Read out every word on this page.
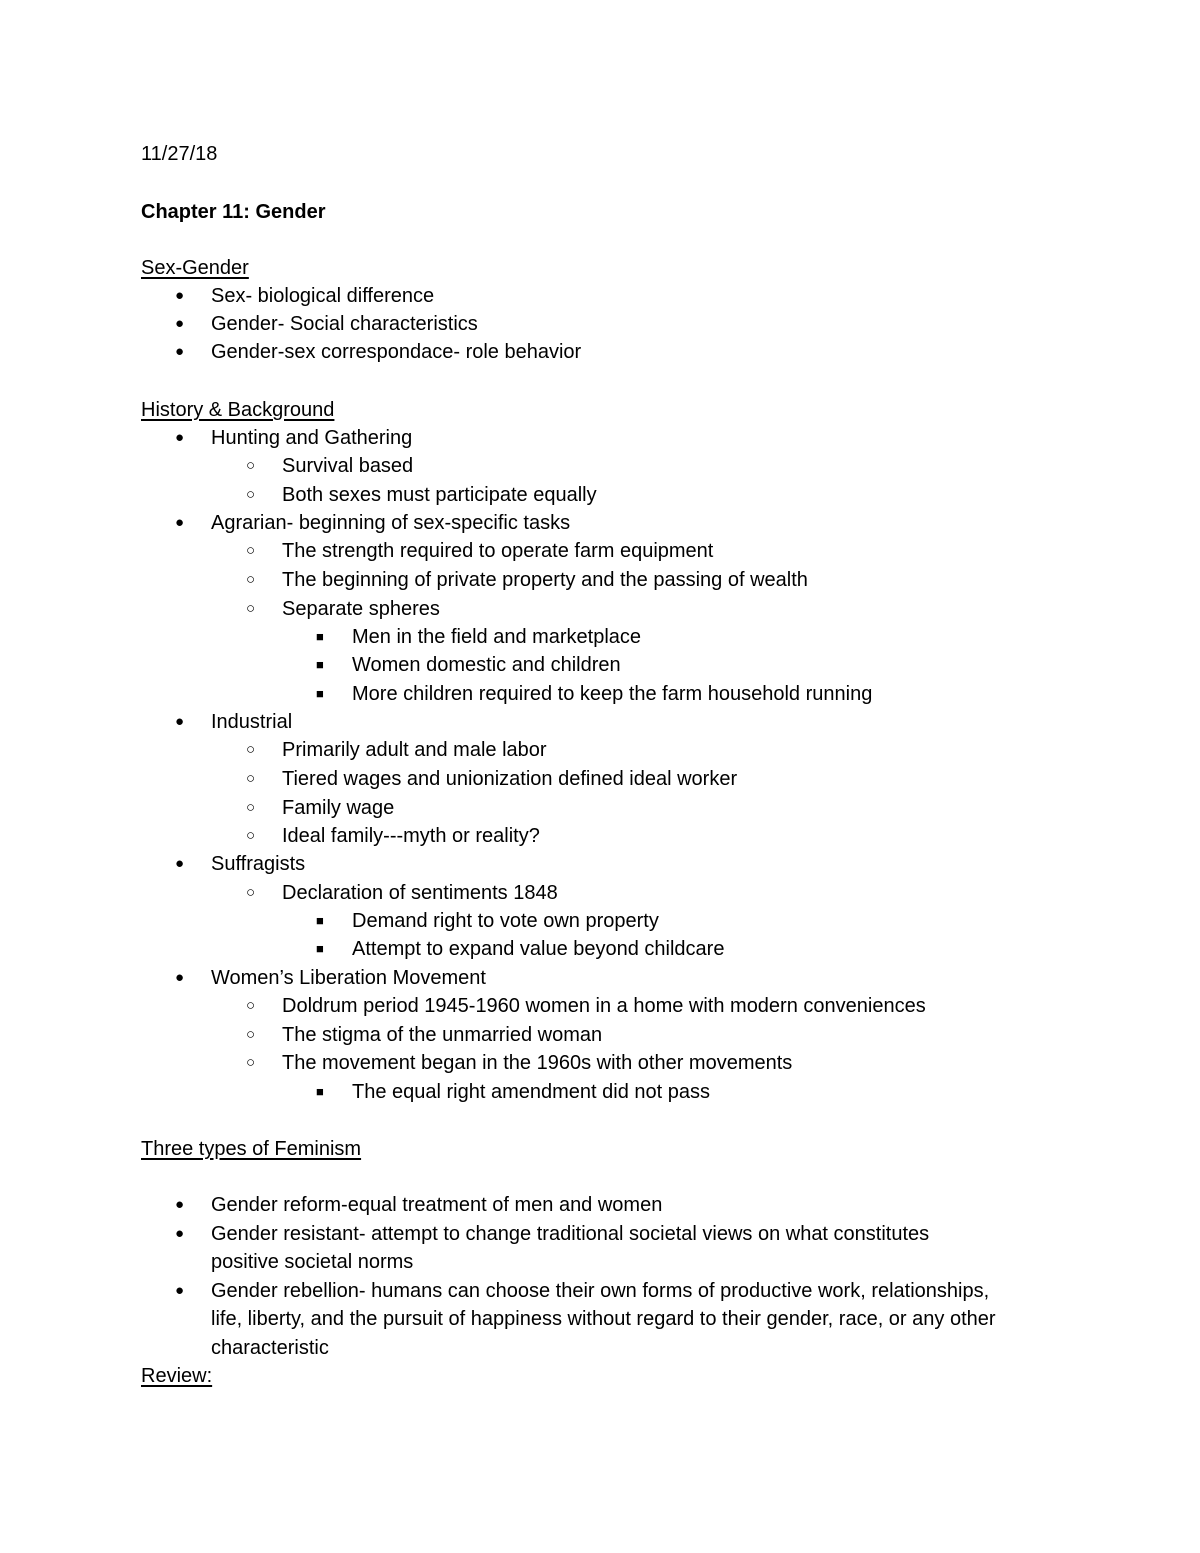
11/27/18
Chapter 11: Gender
Sex-Gender
● Sex- biological difference
● Gender- Social characteristics
● Gender-sex correspondace- role behavior
History & Background
● Hunting and Gathering
○ Survival based
○ Both sexes must participate equally
● Agrarian- beginning of sex-specific tasks
○ The strength required to operate farm equipment
○ The beginning of private property and the passing of wealth
○ Separate spheres
■ Men in the field and marketplace
■ Women domestic and children
■ More children required to keep the farm household running
● Industrial
○ Primarily adult and male labor
○ Tiered wages and unionization defined ideal worker
○ Family wage
○ Ideal family---myth or reality?
● Suffragists
○ Declaration of sentiments 1848
■ Demand right to vote own property
■ Attempt to expand value beyond childcare
● Women’s Liberation Movement
○ Doldrum period 1945-1960 women in a home with modern conveniences
○ The stigma of the unmarried woman
○ The movement began in the 1960s with other movements
■ The equal right amendment did not pass
Three types of Feminism
● Gender reform-equal treatment of men and women
● Gender resistant- attempt to change traditional societal views on what constitutes
positive societal norms
● Gender rebellion- humans can choose their own forms of productive work, relationships,
life, liberty, and the pursuit of happiness without regard to their gender, race, or any other
characteristic
Review:
